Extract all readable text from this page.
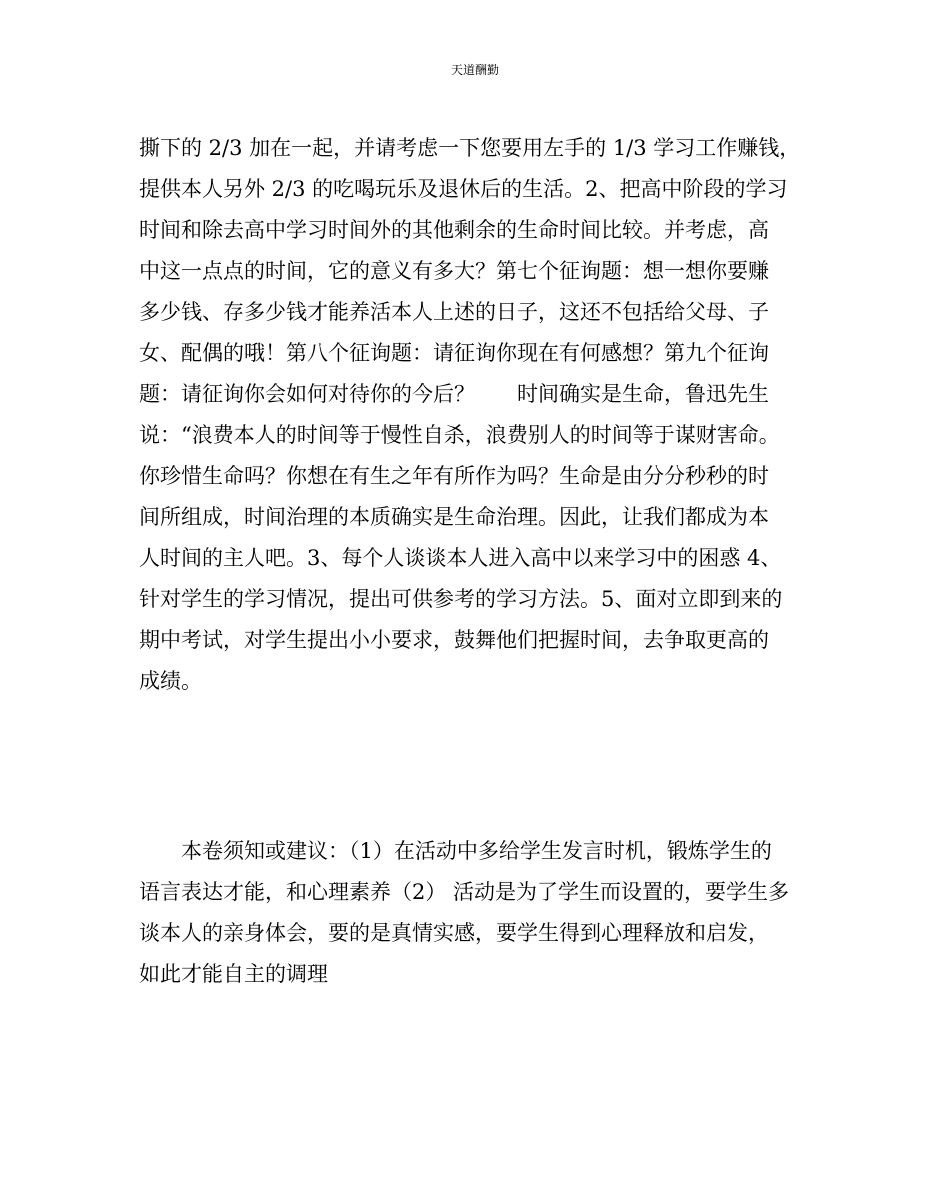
天道酬勤
撕下的 2/3 加在一起，并请考虑一下您要用左手的 1/3 学习工作赚钱，
提供本人另外 2/3 的吃喝玩乐及退休后的生活。2、把高中阶段的学习
时间和除去高中学习时间外的其他剩余的生命时间比较。并考虑，高
中这一点点的时间，它的意义有多大？第七个征询题：想一想你要赚
多少钱、存多少钱才能养活本人上述的日子，这还不包括给父母、子
女、配偶的哦！第八个征询题：请征询你现在有何感想？第九个征询
题：请征询你会如何对待你的今后？　　时间确实是生命，鲁迅先生
说：“浪费本人的时间等于慢性自杀，浪费别人的时间等于谋财害命。
你珍惜生命吗？你想在有生之年有所作为吗？生命是由分分秒秒的时
间所组成，时间治理的本质确实是生命治理。因此，让我们都成为本
人时间的主人吧。3、每个人谈谈本人进入高中以来学习中的困惑 4、
针对学生的学习情况，提出可供参考的学习方法。5、面对立即到来的
期中考试，对学生提出小小要求，鼓舞他们把握时间，去争取更高的
成绩。
　　本卷须知或建议：（1）在活动中多给学生发言时机，锻炼学生的
语言表达才能，和心理素养（2） 活动是为了学生而设置的，要学生多
谈本人的亲身体会，要的是真情实感，要学生得到心理释放和启发，
如此才能自主的调理
